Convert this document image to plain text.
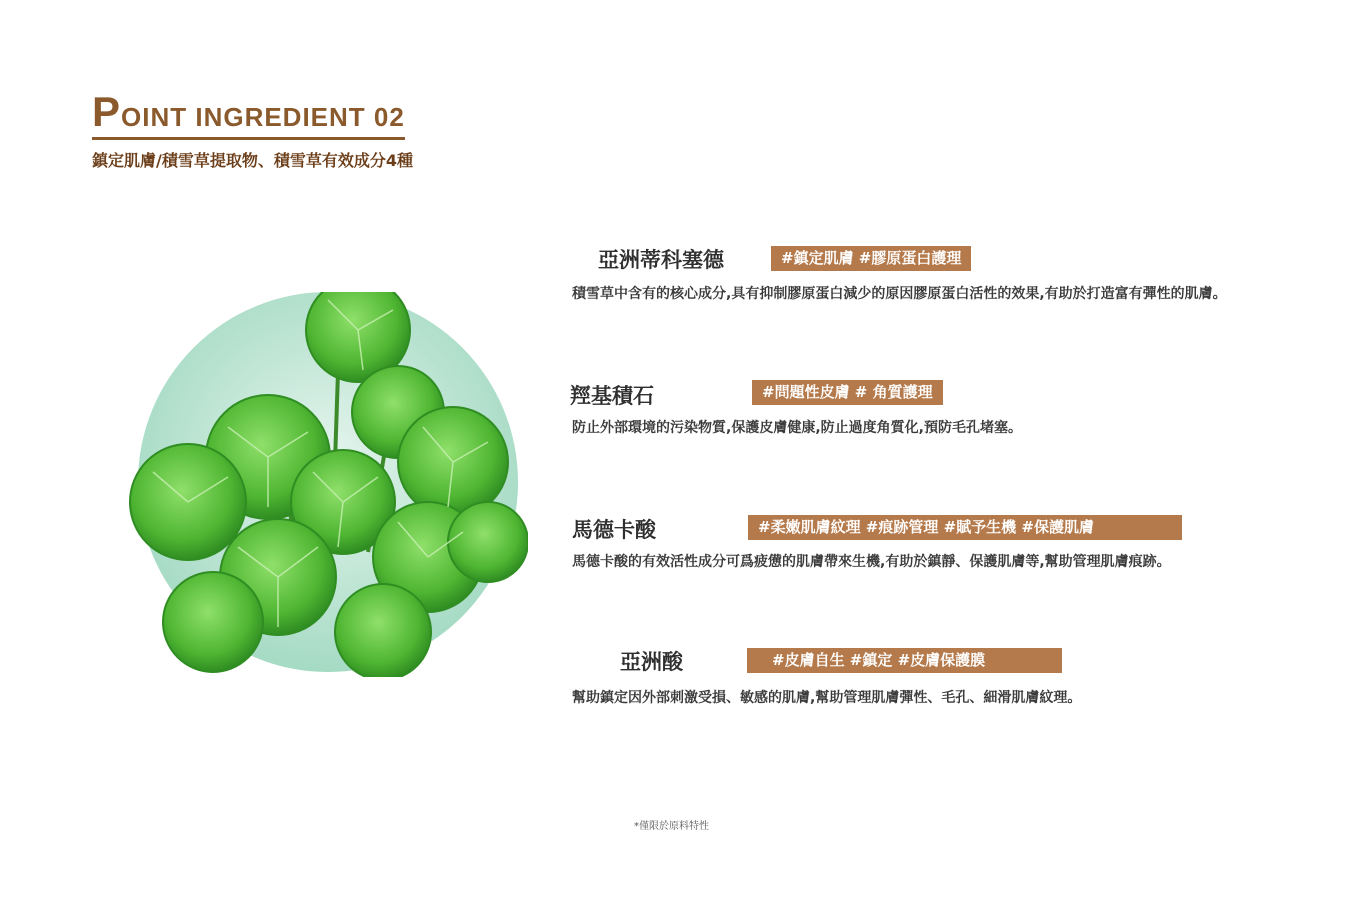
POINT INGREDIENT 02
鎮定肌膚/積雪草提取物、積雪草有效成分4種
亞洲蒂科塞德	#鎮定肌膚 #膠原蛋白護理
積雪草中含有的核心成分,具有抑制膠原蛋白減少的原因膠原蛋白活性的效果,有助於打造富有彈性的肌膚。
羥基積石	#問題性皮膚 # 角質護理
防止外部環境的污染物質,保護皮膚健康,防止過度角質化,預防毛孔堵塞。
馬德卡酸	#柔嫩肌膚紋理 #痕跡管理 #賦予生機 #保護肌膚
馬德卡酸的有效活性成分可爲疲憊的肌膚帶來生機,有助於鎮靜、保護肌膚等,幫助管理肌膚痕跡。
亞洲酸	#皮膚自生 #鎮定 #皮膚保護膜
幫助鎮定因外部刺激受損、敏感的肌膚,幫助管理肌膚彈性、毛孔、細滑肌膚紋理。
*僅限於原料特性
